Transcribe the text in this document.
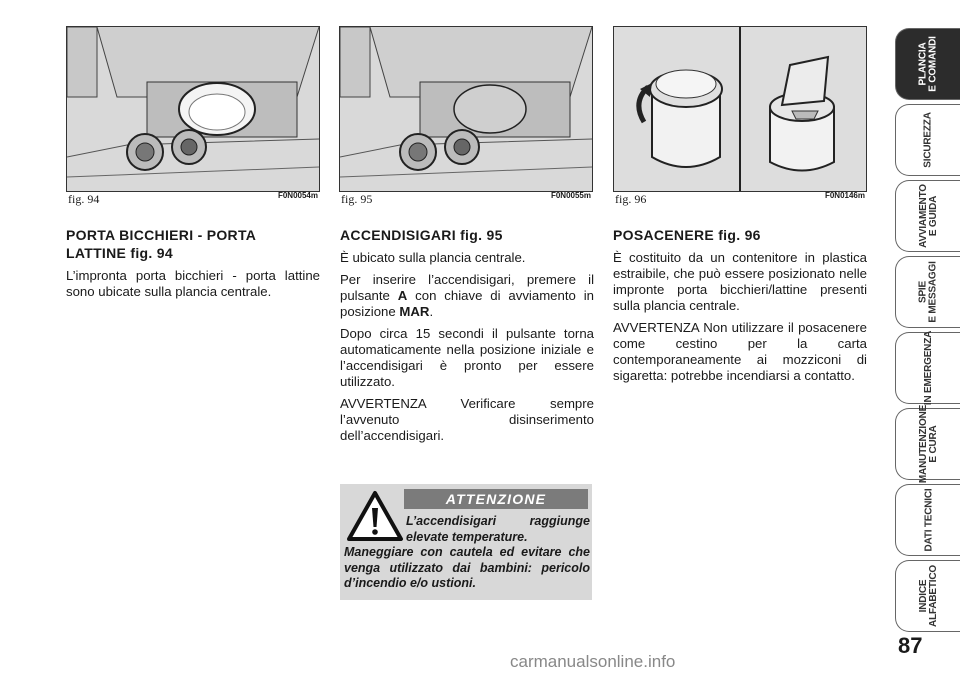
fig. 94	F0N0054m fig. 95	F0N0055m fig. 96	F0N0146m
PORTA BICCHIERI - PORTA LATTINE fig. 94

L’impronta porta bicchieri - porta lattine sono ubicate sulla plancia centrale.

ACCENDISIGARI fig. 95

È ubicato sulla plancia centrale.

Per inserire l’accendisigari, premere il pulsante A con chiave di avviamento in posizione MAR.

Dopo circa 15 secondi il pulsante torna automaticamente nella posizione iniziale e l’accendisigari è pronto per essere utilizzato.

AVVERTENZA Verificare sempre l’avvenuto disinserimento dell’accendisigari.

POSACENERE fig. 96

È costituito da un contenitore in plastica estraibile, che può essere posizionato nelle impronte porta bicchieri/lattine presenti sulla plancia centrale.

AVVERTENZA Non utilizzare il posacenere come cestino per la carta contemporaneamente ai mozziconi di sigaretta: potrebbe incendiarsi a contatto.

ATTENZIONE
L’accendisigari raggiunge elevate temperature.
Maneggiare con cautela ed evitare che venga utilizzato dai bambini: pericolo d’incendio e/o ustioni.
PLANCIA
E COMANDI
SICUREZZA
AVVIAMENTO
E GUIDA
SPIE
E MESSAGGI
IN EMERGENZA
MANUTENZIONE
E CURA
DATI TECNICI
INDICE
ALFABETICO
87
carmanualsonline.info
